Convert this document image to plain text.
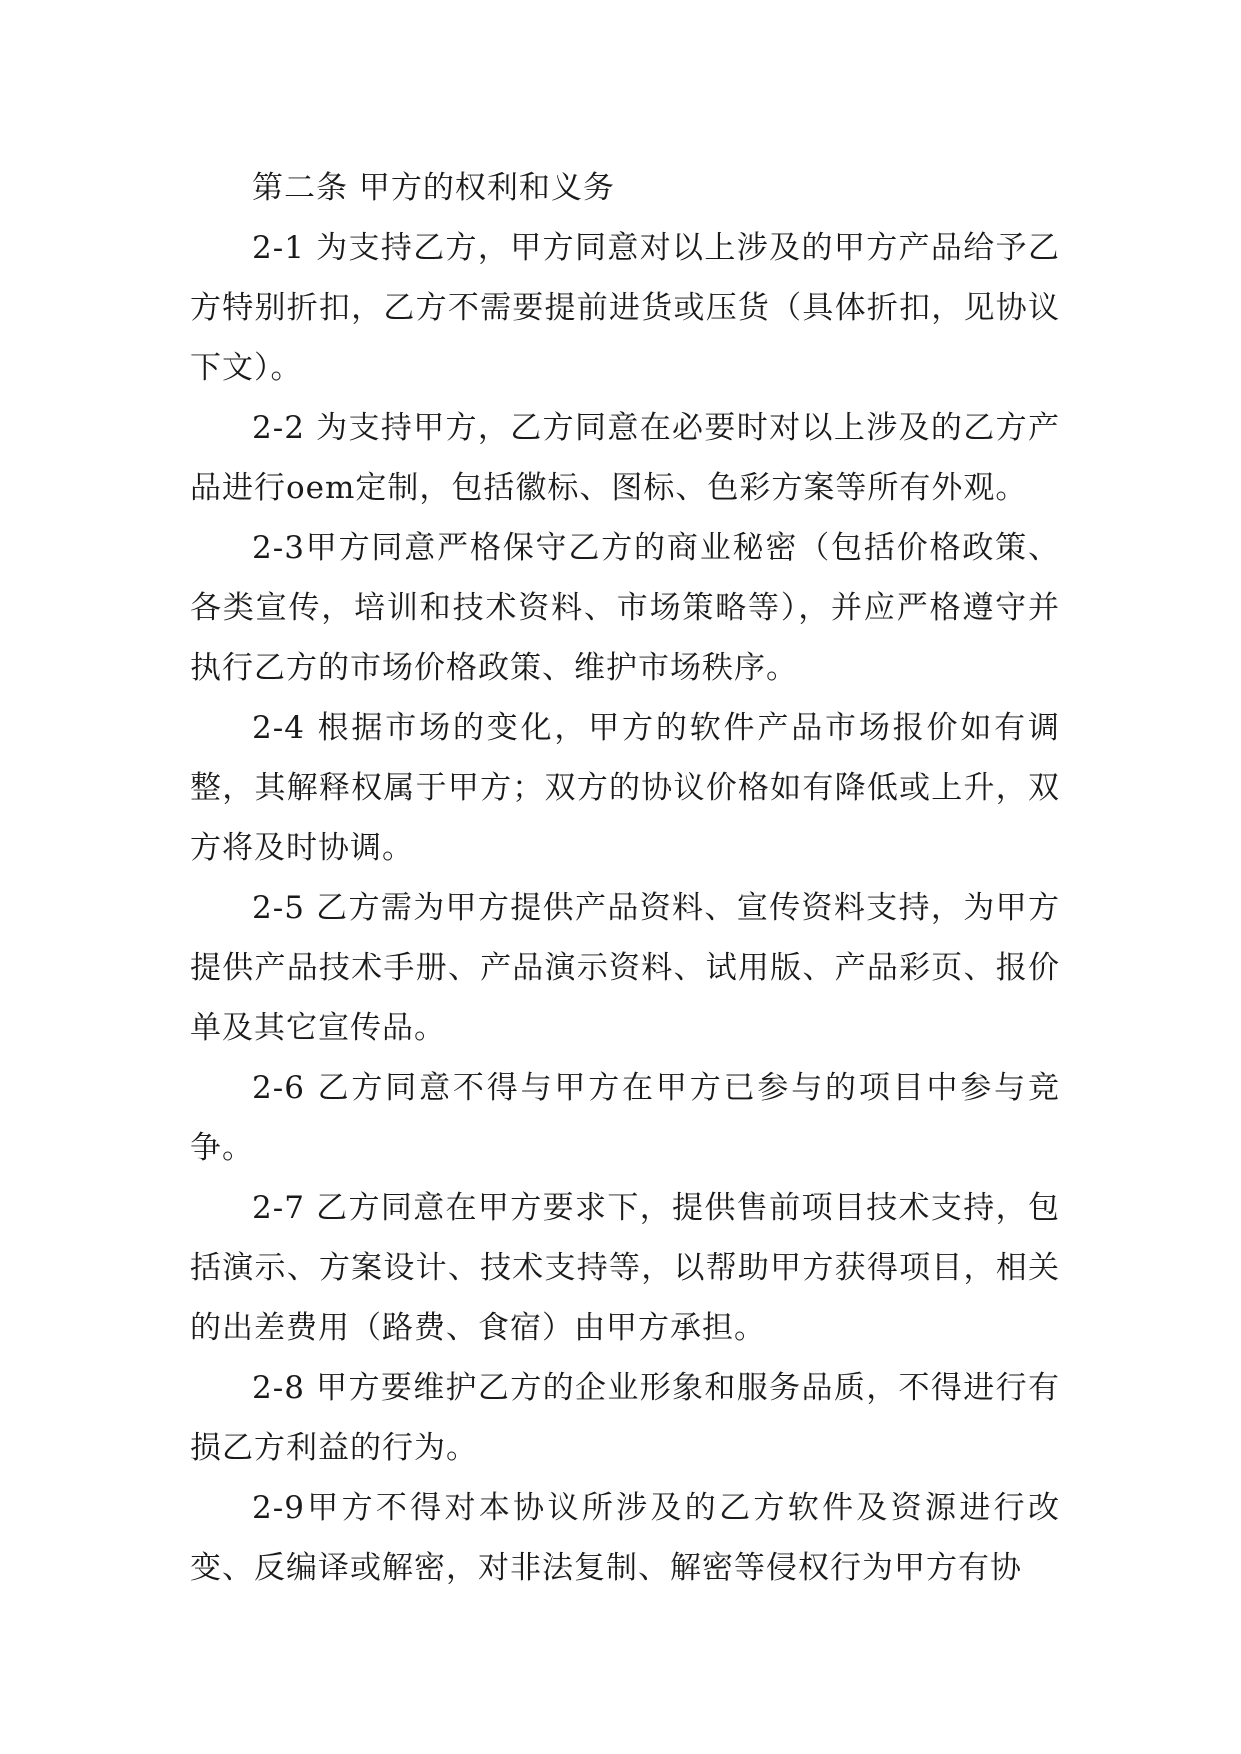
第二条 甲方的权利和义务

2-1 为支持乙方，甲方同意对以上涉及的甲方产品给予乙方特别折扣，乙方不需要提前进货或压货（具体折扣，见协议下文）。

2-2 为支持甲方，乙方同意在必要时对以上涉及的乙方产品进行oem定制，包括徽标、图标、色彩方案等所有外观。

2-3甲方同意严格保守乙方的商业秘密（包括价格政策、各类宣传，培训和技术资料、市场策略等），并应严格遵守并执行乙方的市场价格政策、维护市场秩序。

2-4 根据市场的变化，甲方的软件产品市场报价如有调整，其解释权属于甲方；双方的协议价格如有降低或上升，双方将及时协调。

2-5 乙方需为甲方提供产品资料、宣传资料支持，为甲方提供产品技术手册、产品演示资料、试用版、产品彩页、报价单及其它宣传品。

2-6 乙方同意不得与甲方在甲方已参与的项目中参与竞争。

2-7 乙方同意在甲方要求下，提供售前项目技术支持，包括演示、方案设计、技术支持等，以帮助甲方获得项目，相关的出差费用（路费、食宿）由甲方承担。

2-8 甲方要维护乙方的企业形象和服务品质，不得进行有损乙方利益的行为。

2-9甲方不得对本协议所涉及的乙方软件及资源进行改变、反编译或解密，对非法复制、解密等侵权行为甲方有协
